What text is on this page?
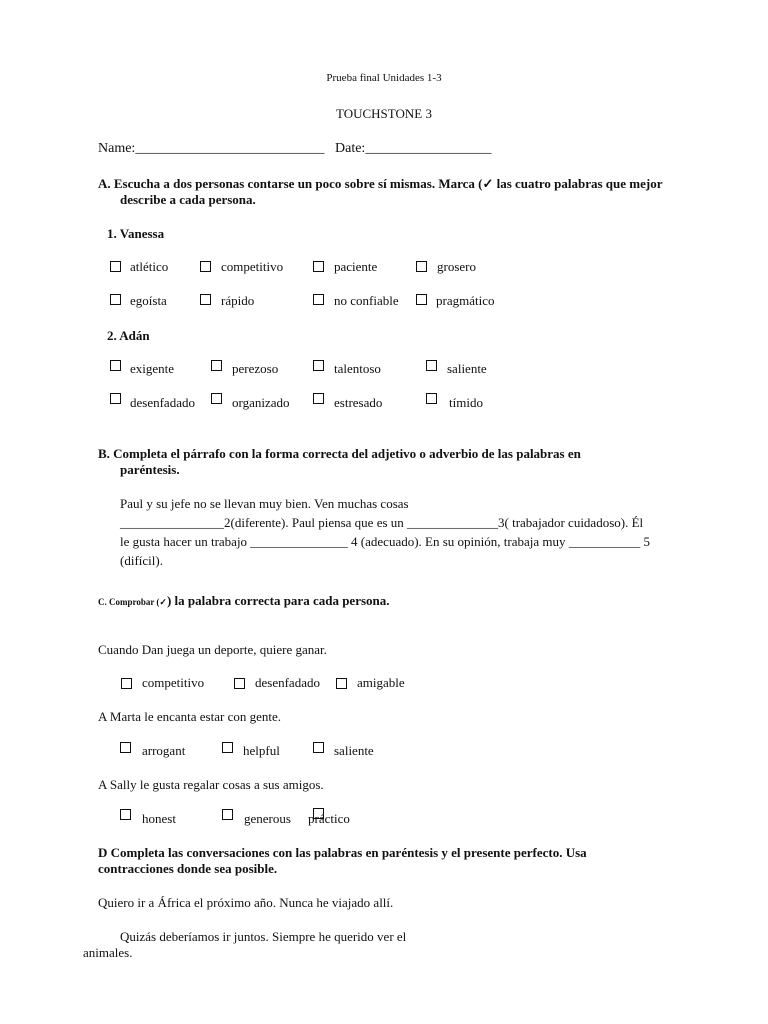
Prueba final Unidades 1-3
TOUCHSTONE 3
Name:___________________________ Date:__________________
A. Escucha a dos personas contarse un poco sobre sí mismas. Marca (✓ las cuatro palabras que mejor
describe a cada persona.
1. Vanessa
atlético	competitivo	paciente	grosero
egoísta	rápido	no confiable	pragmático
2. Adán
exigente	perezoso	talentoso	saliente
desenfadado	organizado	estresado	tímido
B. Completa el párrafo con la forma correcta del adjetivo o adverbio de las palabras en
paréntesis.
Paul y su jefe no se llevan muy bien. Ven muchas cosas
________________2(diferente). Paul piensa que es un ______________3( trabajador cuidadoso). Él
le gusta hacer un trabajo _______________ 4 (adecuado). En su opinión, trabaja muy ___________ 5
(difícil).
C. Comprobar (✓) la palabra correcta para cada persona.
Cuando Dan juega un deporte, quiere ganar.
competitivo	desenfadado	amigable
A Marta le encanta estar con gente.
arrogant	helpful	saliente
A Sally le gusta regalar cosas a sus amigos.
honest	generous práctico
D Completa las conversaciones con las palabras en paréntesis y el presente perfecto. Usa
contracciones donde sea posible.
Quiero ir a África el próximo año. Nunca he viajado allí.
Quizás deberíamos ir juntos. Siempre he querido ver el
animales.
